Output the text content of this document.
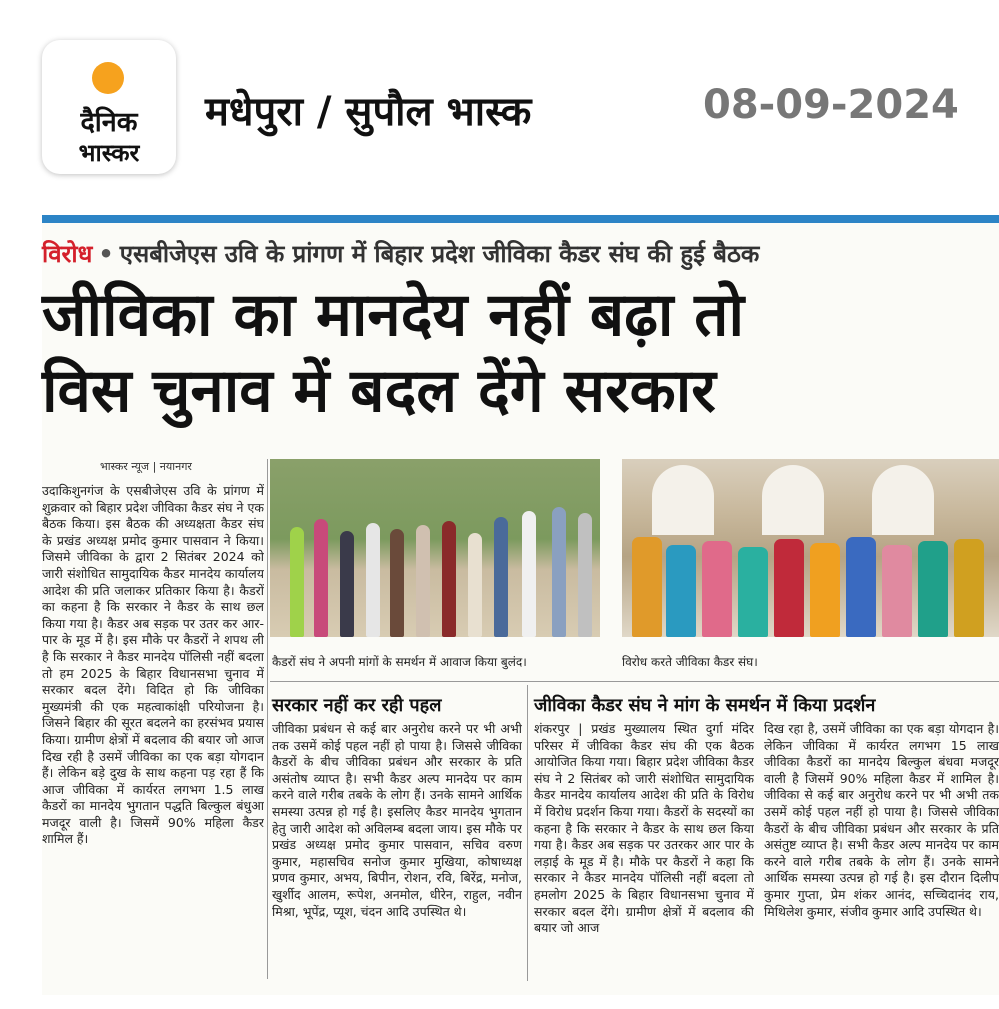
दैनिक
भास्कर
मधेपुरा / सुपौल भास्क	08-09-2024
विरोध • एसबीजेएस उवि के प्रांगण में बिहार प्रदेश जीविका कैडर संघ की हुई बैठक
जीविका का मानदेय नहीं बढ़ा तो
विस चुनाव में बदल देंगे सरकार
भास्कर न्यूज | नयानगर
उदाकिशुनगंज के एसबीजेएस उवि के प्रांगण में शुक्रवार को बिहार प्रदेश जीविका कैडर संघ ने एक बैठक किया। इस बैठक की अध्यक्षता कैडर संघ के प्रखंड अध्यक्ष प्रमोद कुमार पासवान ने किया। जिसमे जीविका के द्वारा 2 सितंबर 2024 को जारी संशोधित सामुदायिक कैडर मानदेय कार्यालय आदेश की प्रति जलाकर प्रतिकार किया है। कैडरों का कहना है कि सरकार ने कैडर के साथ छल किया गया है। कैडर अब सड़क पर उतर कर आर-पार के मूड में है। इस मौके पर कैडरों ने शपथ ली है कि सरकार ने कैडर मानदेय पॉलिसी नहीं बदला तो हम 2025 के बिहार विधानसभा चुनाव में सरकार बदल देंगे। विदित हो कि जीविका मुख्यमंत्री की एक महत्वाकांक्षी परियोजना है। जिसने बिहार की सूरत बदलने का हरसंभव प्रयास किया। ग्रामीण क्षेत्रों में बदलाव की बयार जो आज दिख रही है उसमें जीविका का एक बड़ा योगदान हैं। लेकिन बड़े दुख के साथ कहना पड़ रहा हैं कि आज जीविका में कार्यरत लगभग 1.5 लाख कैडरों का मानदेय भुगतान पद्धति बिल्कुल बंधुआ मजदूर वाली है। जिसमें 90% महिला कैडर शामिल हैं।
कैडरों संघ ने अपनी मांगों के समर्थन में आवाज किया बुलंद।	विरोध करते जीविका कैडर संघ।
सरकार नहीं कर रही पहल	जीविका कैडर संघ ने मांग के समर्थन में किया प्रदर्शन
जीविका प्रबंधन से कई बार अनुरोध करने पर भी अभी तक उसमें कोई पहल नहीं हो पाया है। जिससे जीविका कैडरों के बीच जीविका प्रबंधन और सरकार के प्रति असंतोष व्याप्त है। सभी कैडर अल्प मानदेय पर काम करने वाले गरीब तबके के लोग हैं। उनके सामने आर्थिक समस्या उत्पन्न हो गई है। इसलिए कैडर मानदेय भुगतान हेतु जारी आदेश को अविलम्ब बदला जाय। इस मौके पर प्रखंड अध्यक्ष प्रमोद कुमार पासवान, सचिव वरुण कुमार, महासचिव सनोज कुमार मुखिया, कोषाध्यक्ष प्रणव कुमार, अभय, बिपीन, रोशन, रवि, बिरेंद्र, मनोज, खुर्शीद आलम, रूपेश, अनमोल, धीरेन, राहुल, नवीन मिश्रा, भूपेंद्र, प्यूश, चंदन आदि उपस्थित थे।
शंकरपुर | प्रखंड मुख्यालय स्थित दुर्गा मंदिर परिसर में जीविका कैडर संघ की एक बैठक आयोजित किया गया। बिहार प्रदेश जीविका कैडर संघ ने 2 सितंबर को जारी संशोधित सामुदायिक कैडर मानदेय कार्यालय आदेश की प्रति के विरोध में विरोध प्रदर्शन किया गया। कैडरों के सदस्यों का कहना है कि सरकार ने कैडर के साथ छल किया गया है। कैडर अब सड़क पर उतरकर आर पार के लड़ाई के मूड में है। मौके पर कैडरों ने कहा कि सरकार ने कैडर मानदेय पॉलिसी नहीं बदला तो हमलोग 2025 के बिहार विधानसभा चुनाव में सरकार बदल देंगे। ग्रामीण क्षेत्रों में बदलाव की बयार जो आज
दिख रहा है, उसमें जीविका का एक बड़ा योगदान है। लेकिन जीविका में कार्यरत लगभग 15 लाख जीविका कैडरों का मानदेय बिल्कुल बंधवा मजदूर वाली है जिसमें 90% महिला कैडर में शामिल है। जीविका से कई बार अनुरोध करने पर भी अभी तक उसमें कोई पहल नहीं हो पाया है। जिससे जीविका कैडरों के बीच जीविका प्रबंधन और सरकार के प्रति असंतुष्ट व्याप्त है। सभी कैडर अल्प मानदेय पर काम करने वाले गरीब तबके के लोग हैं। उनके सामने आर्थिक समस्या उत्पन्न हो गई है। इस दौरान दिलीप कुमार गुप्ता, प्रेम शंकर आनंद, सच्चिदानंद राय, मिथिलेश कुमार, संजीव कुमार आदि उपस्थित थे।
